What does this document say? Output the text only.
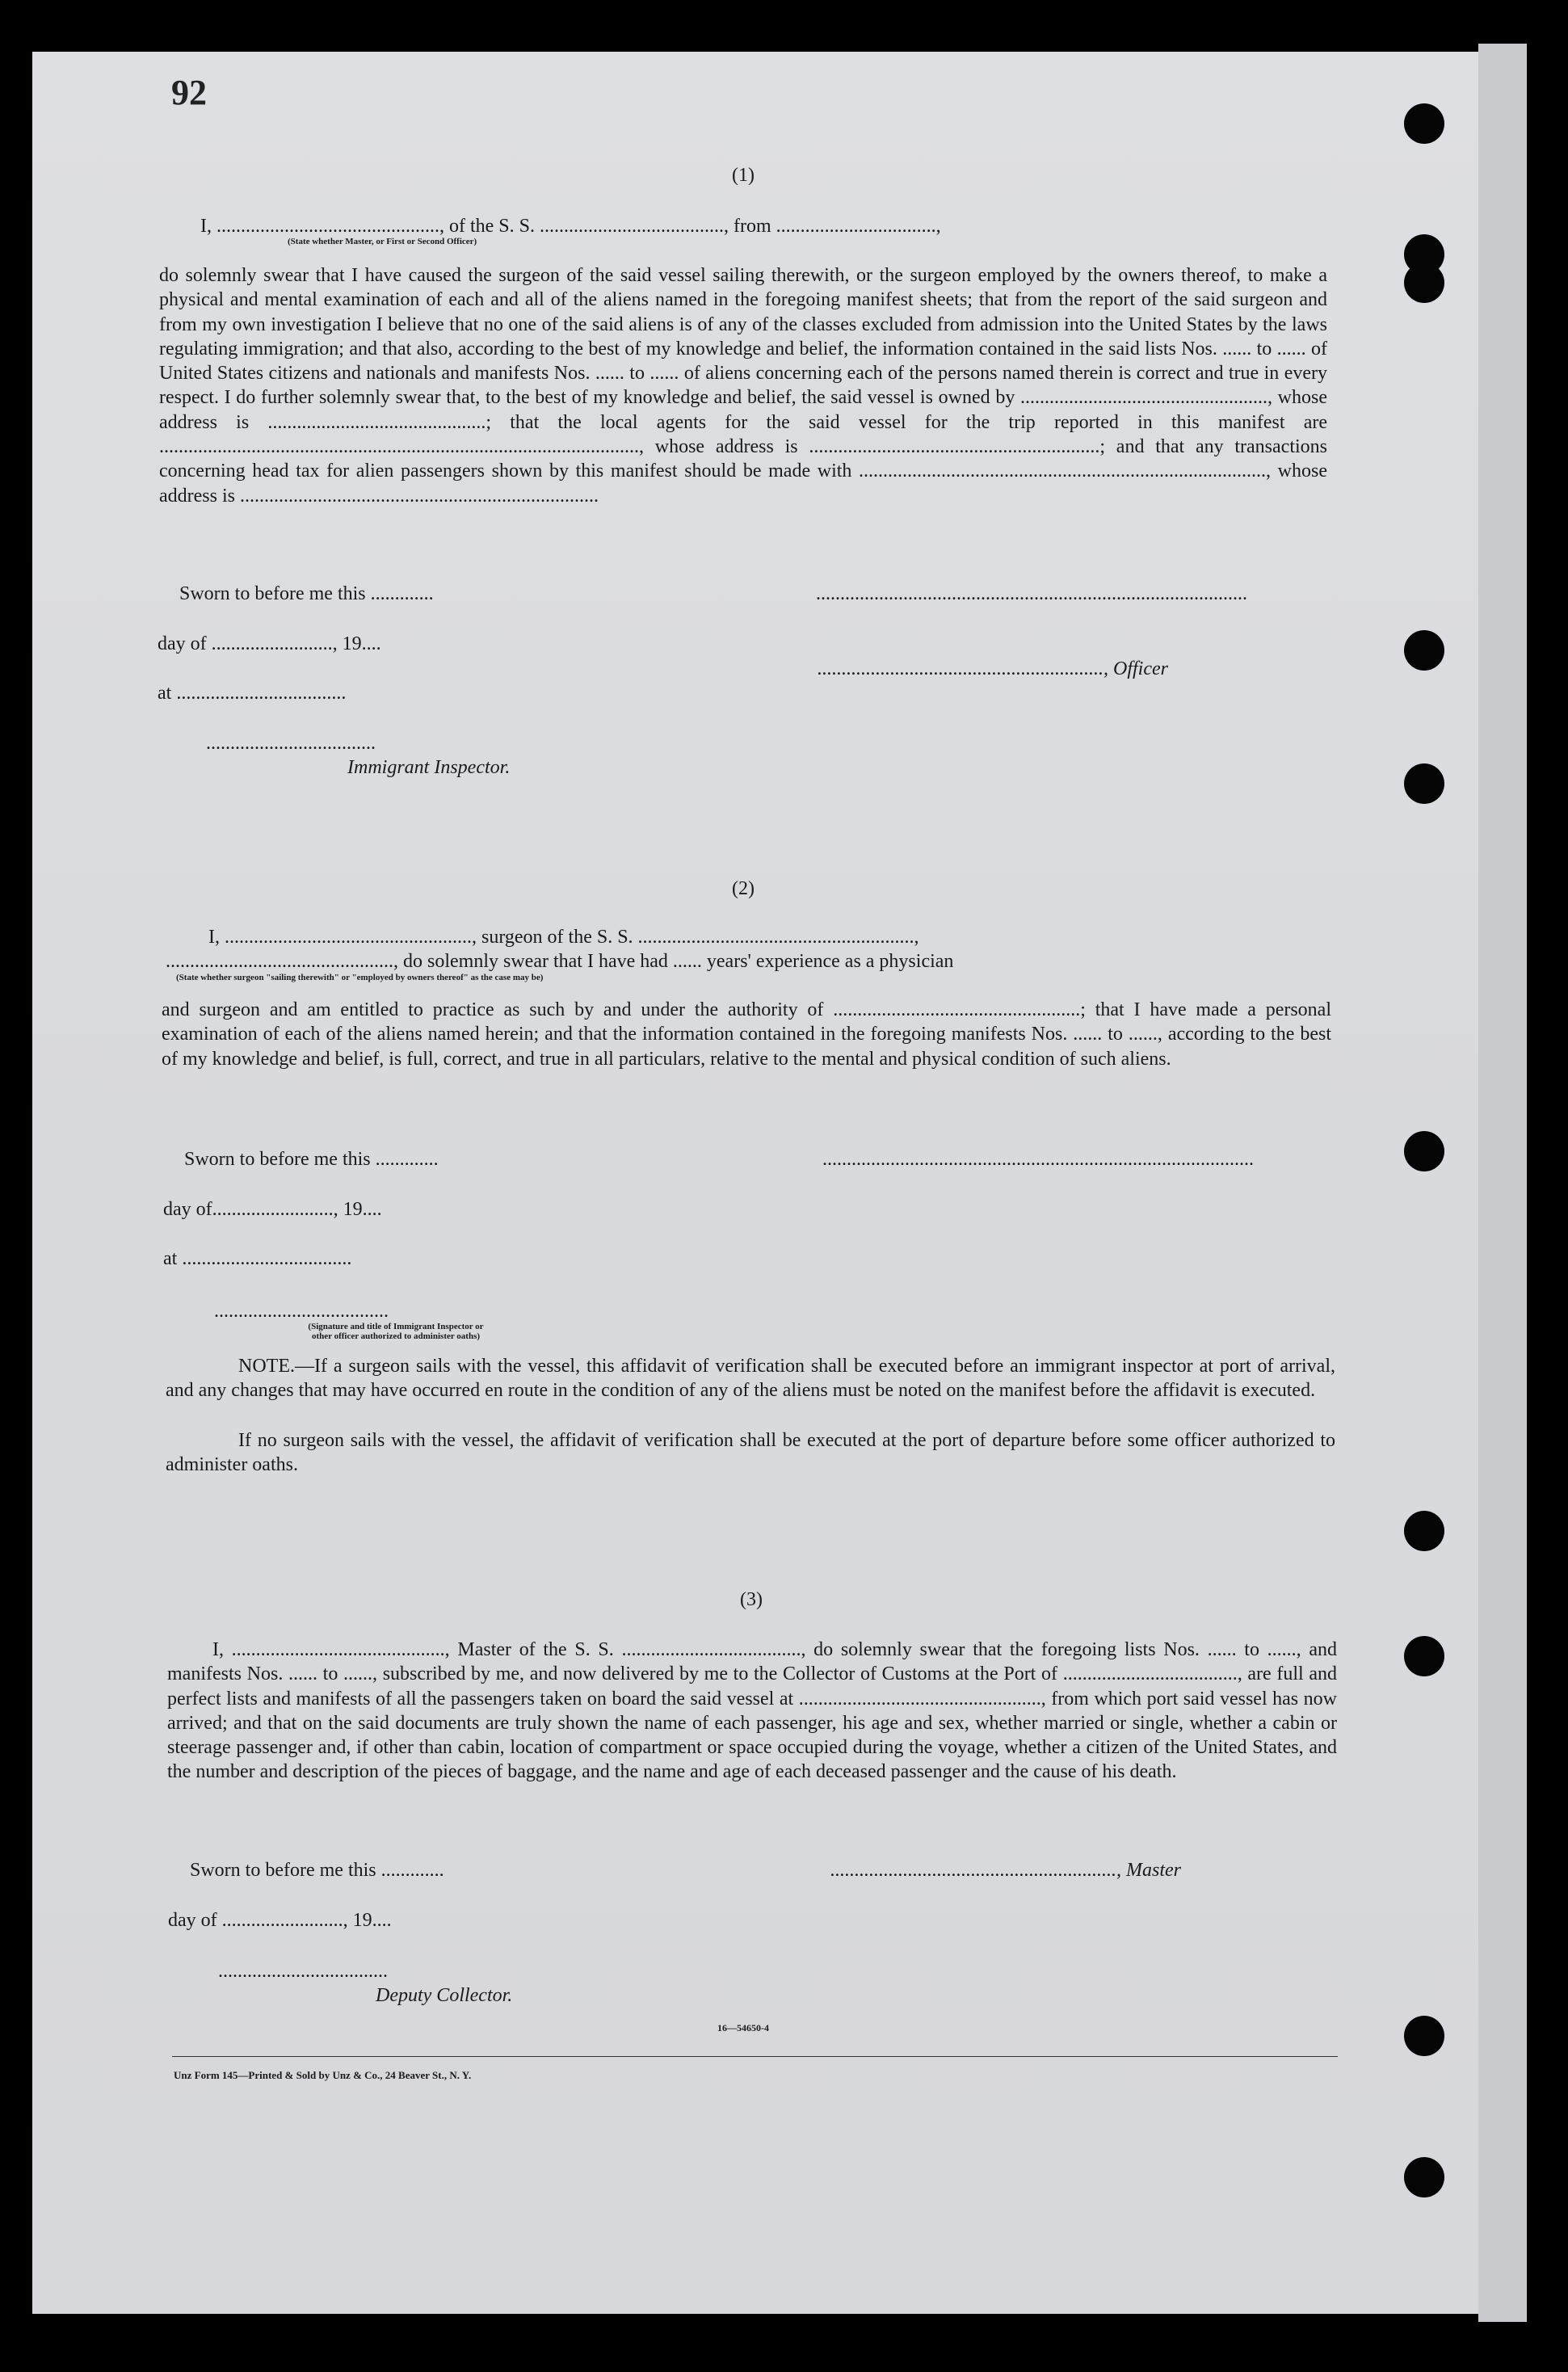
92
(1)
I, .............................................., of the S. S. ......................................, from .................................,
(State whether Master, or First or Second Officer)

do solemnly swear that I have caused the surgeon of the said vessel sailing therewith, or the surgeon employed by the owners thereof, to make a physical and mental examination of each and all of the aliens named in the foregoing manifest sheets; that from the report of the said surgeon and from my own investigation I believe that no one of the said aliens is of any of the classes excluded from admission into the United States by the laws regulating immigration; and that also, according to the best of my knowledge and belief, the information contained in the said lists Nos. ...... to ...... of United States citizens and nationals and manifests Nos. ...... to ...... of aliens concerning each of the persons named therein is correct and true in every respect. I do further solemnly swear that, to the best of my knowledge and belief, the said vessel is owned by ..................................................., whose address is .............................................; that the local agents for the said vessel for the trip reported in this manifest are ..................................................................................................., whose address is ............................................................; and that any transactions concerning head tax for alien passengers shown by this manifest should be made with ...................................................................................., whose address is ..........................................................................

Sworn to before me this .............	.........................................................................................
day of ........................., 19....
..........................................................., Officer
at ...................................
...................................
Immigrant Inspector.
(2)
I, ..................................................., surgeon of the S. S. .........................................................,
..............................................., do solemnly swear that I have had ...... years' experience as a physician
(State whether surgeon "sailing therewith" or "employed by owners thereof" as the case may be)

and surgeon and am entitled to practice as such by and under the authority of ...................................................; that I have made a personal examination of each of the aliens named herein; and that the information contained in the foregoing manifests Nos. ...... to ......, according to the best of my knowledge and belief, is full, correct, and true in all particulars, relative to the mental and physical condition of such aliens.

Sworn to before me this .............	.........................................................................................
day of........................., 19....
at ...................................
....................................
(Signature and title of Immigrant Inspector or
other officer authorized to administer oaths)

NOTE.—If a surgeon sails with the vessel, this affidavit of verification shall be executed before an immigrant inspector at port of arrival, and any changes that may have occurred en route in the condition of any of the aliens must be noted on the manifest before the affidavit is executed.

If no surgeon sails with the vessel, the affidavit of verification shall be executed at the port of departure before some officer authorized to administer oaths.

(3)

I, ............................................, Master of the S. S. ....................................., do solemnly swear that the foregoing lists Nos. ...... to ......, and manifests Nos. ...... to ......, subscribed by me, and now delivered by me to the Collector of Customs at the Port of ...................................., are full and perfect lists and manifests of all the passengers taken on board the said vessel at .................................................., from which port said vessel has now arrived; and that on the said documents are truly shown the name of each passenger, his age and sex, whether married or single, whether a cabin or steerage passenger and, if other than cabin, location of compartment or space occupied during the voyage, whether a citizen of the United States, and the number and description of the pieces of baggage, and the name and age of each deceased passenger and the cause of his death.

Sworn to before me this .............	..........................................................., Master
day of ........................., 19....
...................................
Deputy Collector.
16—54650-4
Unz Form 145—Printed & Sold by Unz & Co., 24 Beaver St., N. Y.
